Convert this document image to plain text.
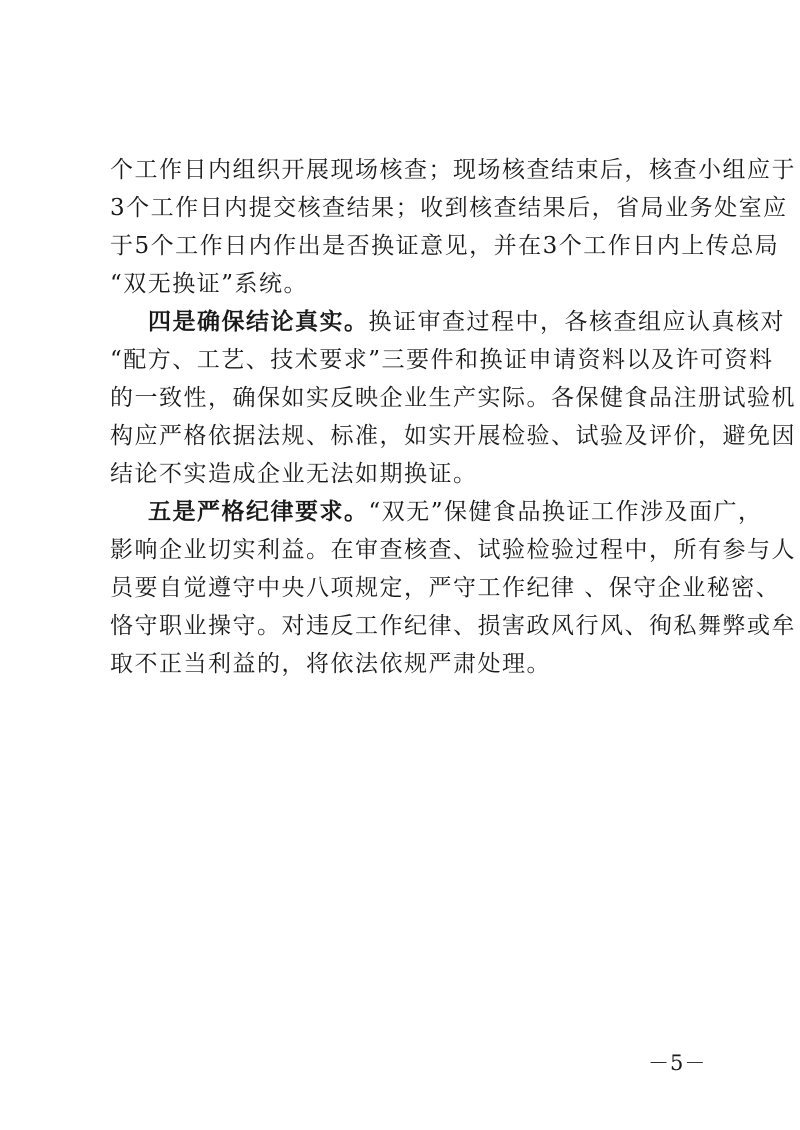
个工作日内组织开展现场核查；现场核查结束后，核查小组应于
3个工作日内提交核查结果；收到核查结果后，省局业务处室应
于5个工作日内作出是否换证意见，并在3个工作日内上传总局
“双无换证”系统。
四是确保结论真实。换证审查过程中，各核查组应认真核对
“配方、工艺、技术要求”三要件和换证申请资料以及许可资料
的一致性，确保如实反映企业生产实际。各保健食品注册试验机
构应严格依据法规、标准，如实开展检验、试验及评价，避免因
结论不实造成企业无法如期换证。
五是严格纪律要求。“双无”保健食品换证工作涉及面广，
影响企业切实利益。在审查核查、试验检验过程中，所有参与人
员要自觉遵守中央八项规定，严守工作纪律 、保守企业秘密、
恪守职业操守。对违反工作纪律、损害政风行风、徇私舞弊或牟
取不正当利益的，将依法依规严肃处理。
－5－
